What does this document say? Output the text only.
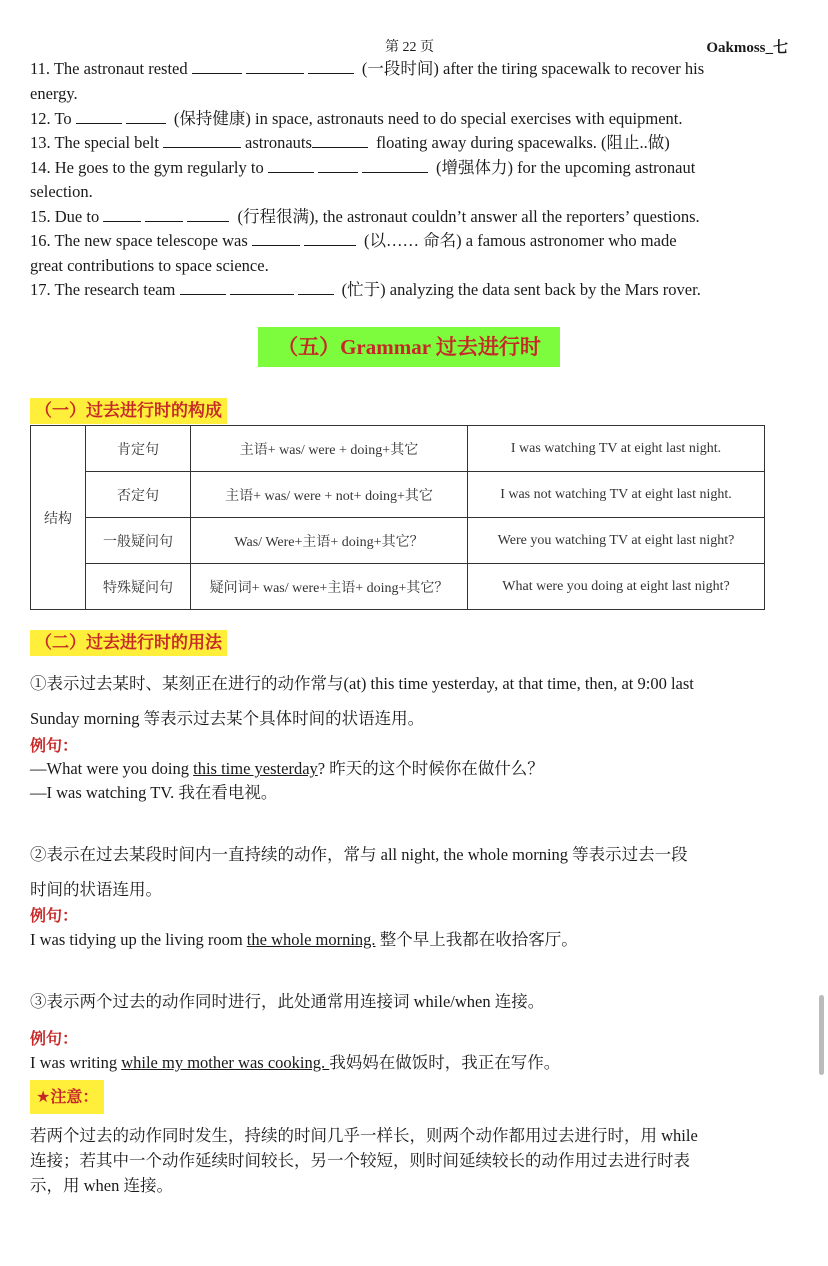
第 22 页	Oakmoss_七
11. The astronaut rested	(一段时间) after the tiring spacewalk to recover his
energy.
12. To	(保持健康) in space, astronauts need to do special exercises with equipment.
13. The special belt	astronauts	floating away during spacewalks. (阻止..做)
14. He goes to the gym regularly to	(增强体力) for the upcoming astronaut
selection.
15. Due to	(行程很满), the astronaut couldn’t answer all the reporters’ questions.
16. The new space telescope was	(以…… 命名) a famous astronomer who made
great contributions to space science.
17. The research team	(忙于) analyzing the data sent back by the Mars rover.
（五）Grammar 过去进行时
（一）过去进行时的构成
结构	肯定句	主语+ was/ were + doing+其它	I was watching TV at eight last night.
	否定句	主语+ was/ were + not+ doing+其它	I was not watching TV at eight last night.
	一般疑问句	Was/ Were+主语+ doing+其它？	Were you watching TV at eight last night?
	特殊疑问句	疑问词+ was/ were+主语+ doing+其它？	What were you doing at eight last night?
（二）过去进行时的用法
①表示过去某时、某刻正在进行的动作常与(at) this time yesterday, at that time, then, at 9:00 last
Sunday morning 等表示过去某个具体时间的状语连用。
例句：
—What were you doing this time yesterday? 昨天的这个时候你在做什么？
—I was watching TV. 我在看电视。
②表示在过去某段时间内一直持续的动作，常与 all night, the whole morning 等表示过去一段
时间的状语连用。
例句：
I was tidying up the living room the whole morning. 整个早上我都在收拾客厅。
③表示两个过去的动作同时进行，此处通常用连接词 while/when 连接。
例句：
I was writing while my mother was cooking. 我妈妈在做饭时，我正在写作。
★注意：
若两个过去的动作同时发生，持续的时间几乎一样长，则两个动作都用过去进行时，用 while
连接；若其中一个动作延续时间较长，另一个较短，则时间延续较长的动作用过去进行时表
示，用 when 连接。
